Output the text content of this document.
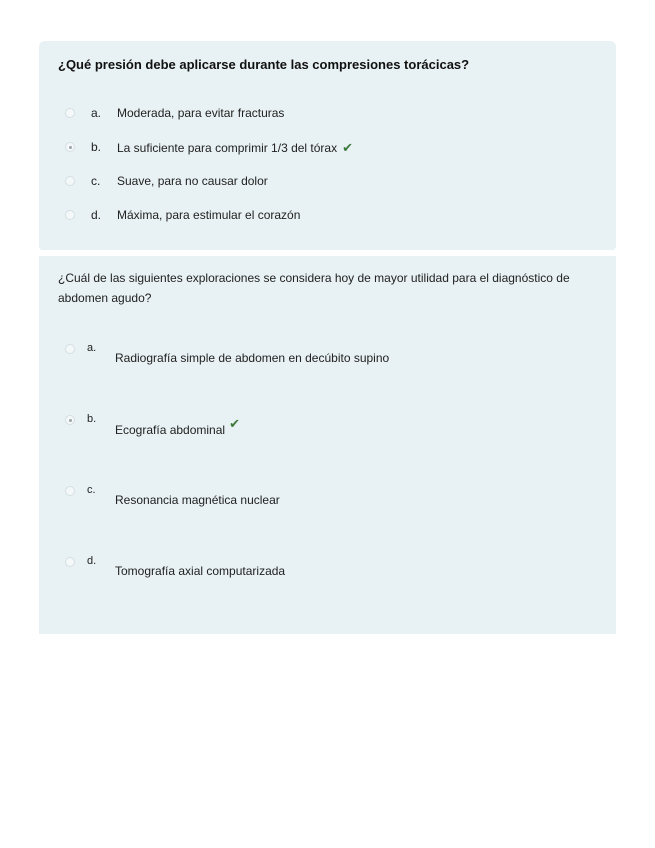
¿Qué presión debe aplicarse durante las compresiones torácicas?
a. Moderada, para evitar fracturas
b. La suficiente para comprimir 1/3 del tórax ✔
c. Suave, para no causar dolor
d. Máxima, para estimular el corazón
¿Cuál de las siguientes exploraciones se considera hoy de mayor utilidad para el diagnóstico de abdomen agudo?
a.
Radiografía simple de abdomen en decúbito supino
b.
Ecografía abdominal ✔
c.
Resonancia magnética nuclear
d.
Tomografía axial computarizada
